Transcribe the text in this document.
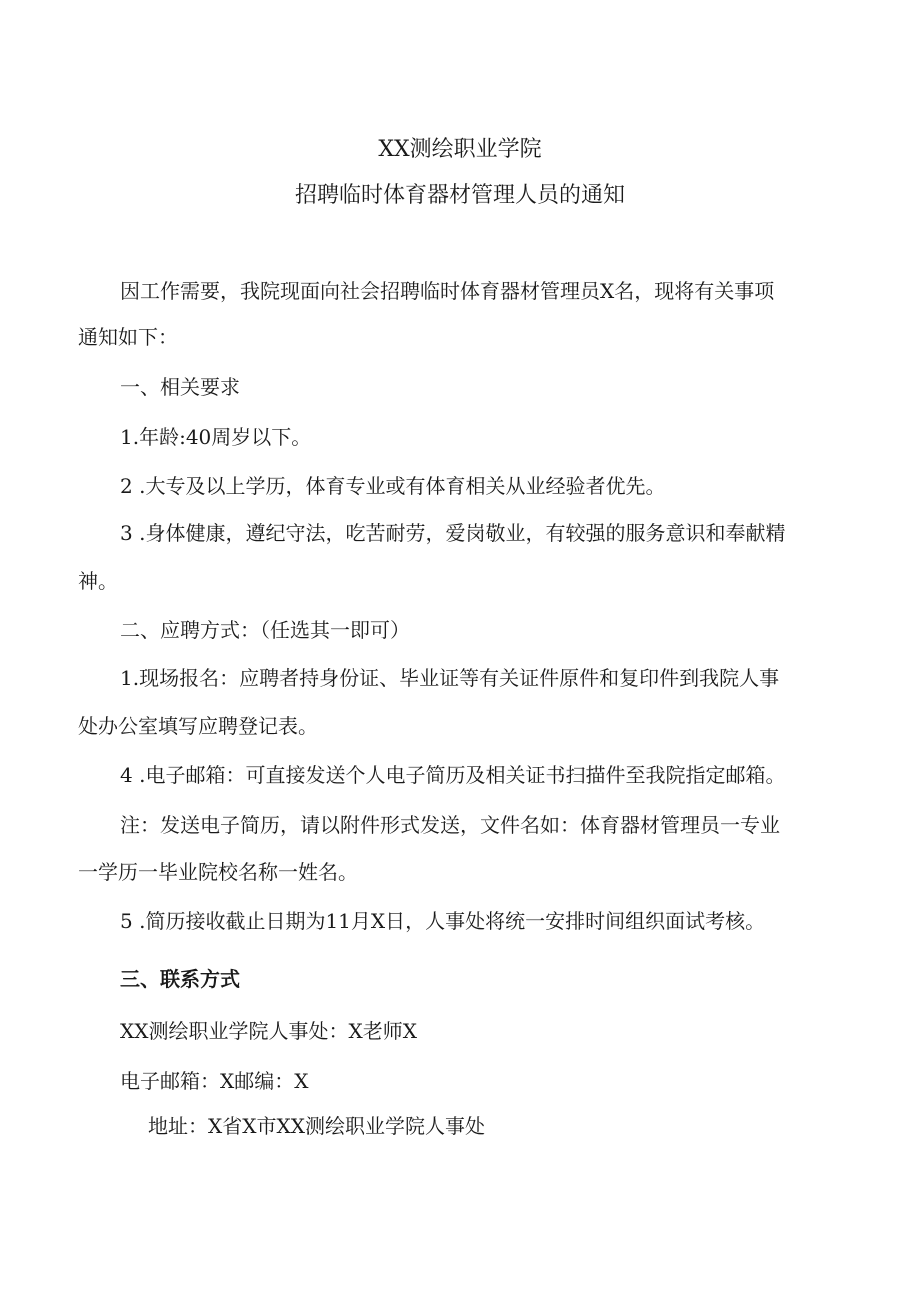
XX测绘职业学院
招聘临时体育器材管理人员的通知
因工作需要，我院现面向社会招聘临时体育器材管理员X名，现将有关事项
通知如下：
一、相关要求
1.年龄:40周岁以下。
2 .大专及以上学历，体育专业或有体育相关从业经验者优先。
3 .身体健康，遵纪守法，吃苦耐劳，爱岗敬业，有较强的服务意识和奉献精
神。
二、应聘方式：（任选其一即可）
1.现场报名：应聘者持身份证、毕业证等有关证件原件和复印件到我院人事
处办公室填写应聘登记表。
4 .电子邮箱：可直接发送个人电子简历及相关证书扫描件至我院指定邮箱。
注：发送电子简历，请以附件形式发送，文件名如：体育器材管理员一专业
一学历一毕业院校名称一姓名。
5 .简历接收截止日期为11月X日，人事处将统一安排时间组织面试考核。
三、联系方式
XX测绘职业学院人事处：X老师X
电子邮箱：X邮编：X
地址：X省X市XX测绘职业学院人事处
